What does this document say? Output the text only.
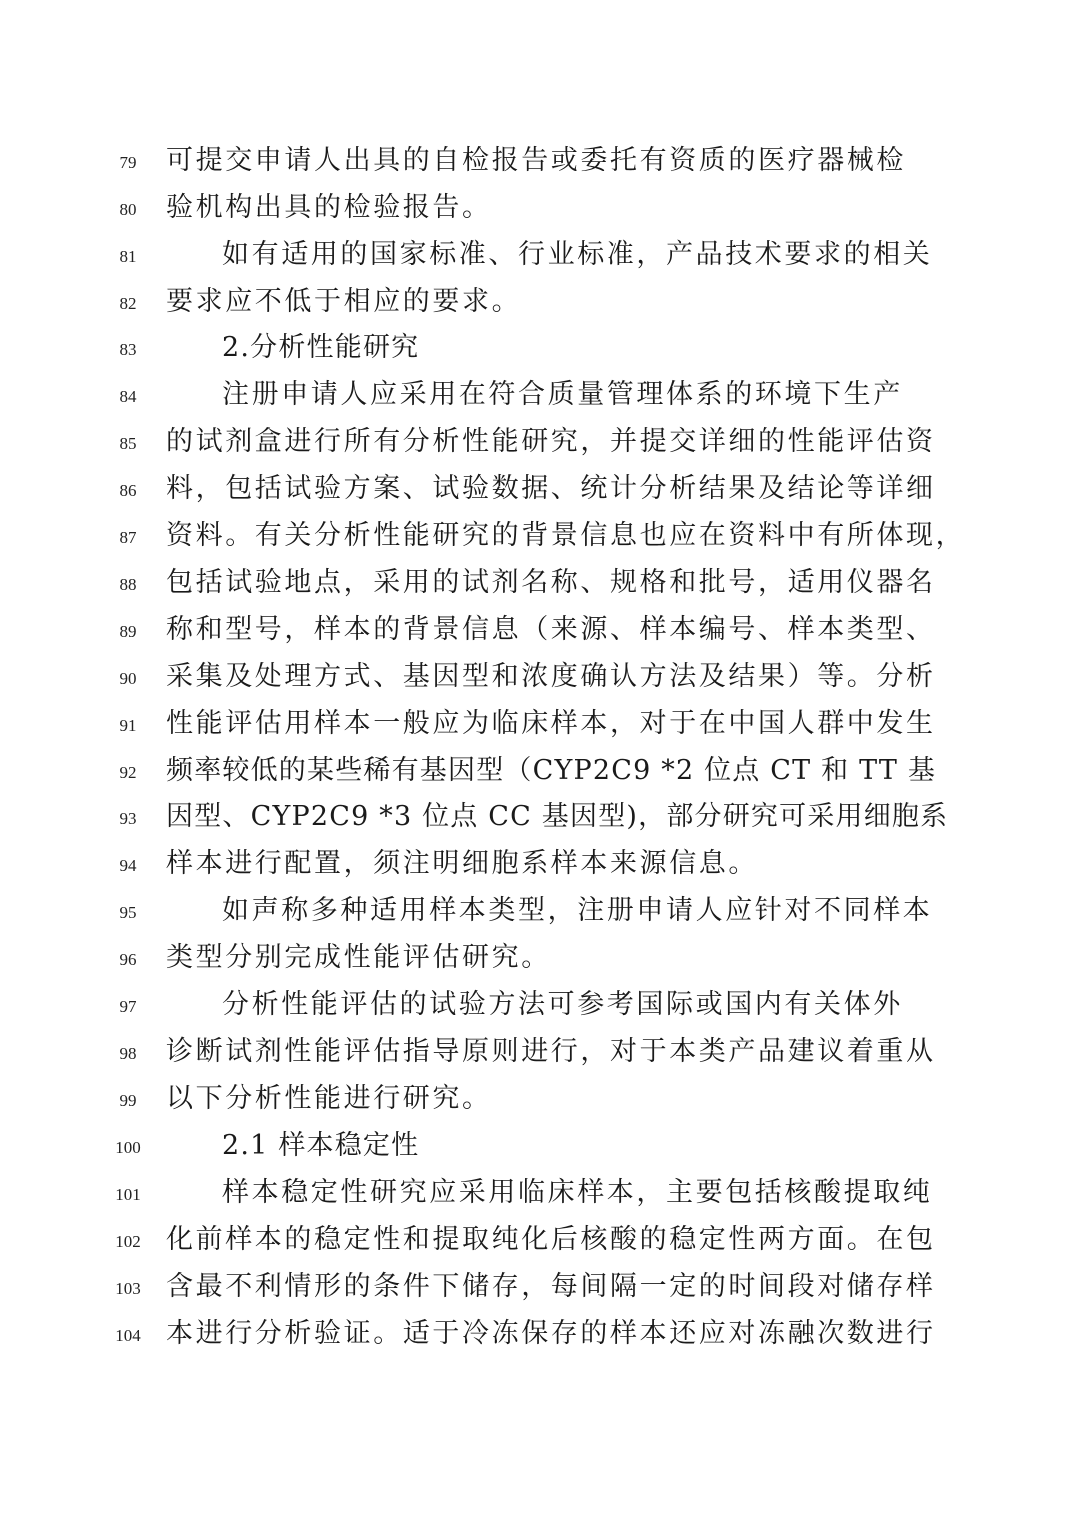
79	可提交申请人出具的自检报告或委托有资质的医疗器械检
80	验机构出具的检验报告。
81	如有适用的国家标准、行业标准，产品技术要求的相关
82	要求应不低于相应的要求。
83	2.分析性能研究
84	注册申请人应采用在符合质量管理体系的环境下生产
85	的试剂盒进行所有分析性能研究，并提交详细的性能评估资
86	料，包括试验方案、试验数据、统计分析结果及结论等详细
87	资料。有关分析性能研究的背景信息也应在资料中有所体现，
88	包括试验地点，采用的试剂名称、规格和批号，适用仪器名
89	称和型号，样本的背景信息（来源、样本编号、样本类型、
90	采集及处理方式、基因型和浓度确认方法及结果）等。分析
91	性能评估用样本一般应为临床样本，对于在中国人群中发生
92	频率较低的某些稀有基因型（CYP2C9 *2 位点 CT 和 TT 基
93	因型、CYP2C9 *3 位点 CC 基因型)，部分研究可采用细胞系
94	样本进行配置，须注明细胞系样本来源信息。
95	如声称多种适用样本类型，注册申请人应针对不同样本
96	类型分别完成性能评估研究。
97	分析性能评估的试验方法可参考国际或国内有关体外
98	诊断试剂性能评估指导原则进行，对于本类产品建议着重从
99	以下分析性能进行研究。
100	2.1 样本稳定性
101	样本稳定性研究应采用临床样本，主要包括核酸提取纯
102 化前样本的稳定性和提取纯化后核酸的稳定性两方面。在包
103 含最不利情形的条件下储存，每间隔一定的时间段对储存样
104 本进行分析验证。适于冷冻保存的样本还应对冻融次数进行
